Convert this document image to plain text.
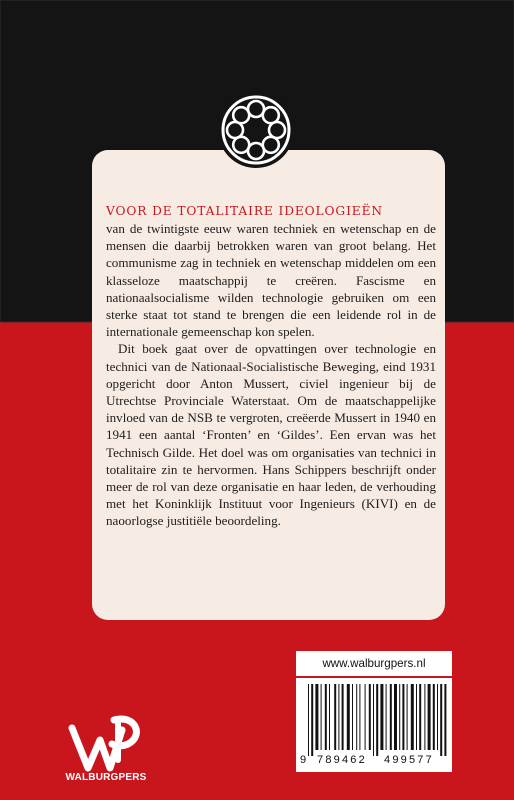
VOOR DE TOTALITAIRE IDEOLOGIEËN

van de twintigste eeuw waren techniek en wetenschap en de mensen die daarbij betrokken waren van groot belang. Het communisme zag in techniek en wetenschap middelen om een klasseloze maatschappij te creëren. Fascisme en nationaalsocialisme wilden technologie gebruiken om een sterke staat tot stand te brengen die een leidende rol in de internationale gemeenschap kon spelen.

Dit boek gaat over de opvattingen over technologie en technici van de Nationaal-Socialistische Beweging, eind 1931 opgericht door Anton Mussert, civiel ingenieur bij de Utrechtse Provinciale Waterstaat. Om de maatschappelijke invloed van de NSB te vergroten, creëerde Mussert in 1940 en 1941 een aantal ‘Fronten’ en ‘Gildes’. Een ervan was het Technisch Gilde. Het doel was om organisaties van technici in totalitaire zin te hervormen. Hans Schippers beschrijft onder meer de rol van deze organisatie en haar leden, de verhouding met het Koninklijk Instituut voor Ingenieurs (KIVI) en de naoorlogse justitiële beoordeling.

www.walburgpers.nl
9 789462 499577
WALBURGPERS
